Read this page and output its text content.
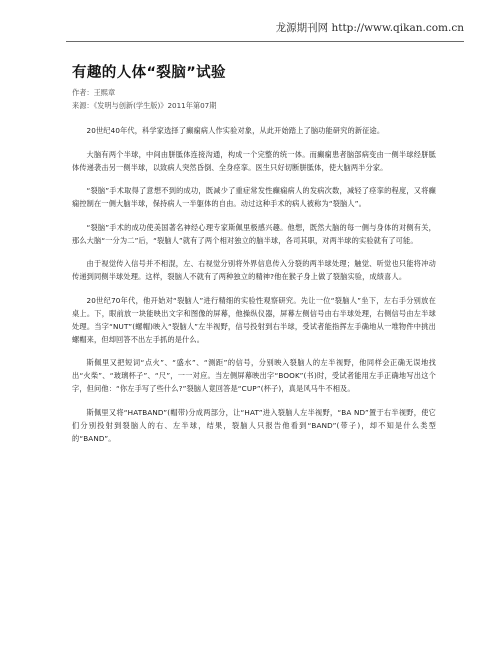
龙源期刊网 http://www.qikan.com.cn
有趣的人体“裂脑”试验
作者：王熙章
来源：《发明与创新(学生版)》2011年第07期

20世纪40年代，科学家选择了癫痫病人作实验对象，从此开始踏上了脑功能研究的新征途。

大脑有两个半球，中间由胼胝体连接沟通，构成一个完整的统一体。而癫痫患者脑部病变由一侧半球经胼胝体传递袭击另一侧半球，以致病人突然昏倒、全身痉挛。医生只好切断胼胝体，使大脑两半分家。

“裂脑”手术取得了意想不到的成功，既减少了重症常发性癫痫病人的发病次数，减轻了痉挛的程度，又将癫痫控制在一侧大脑半球，保持病人一半躯体的自由。动过这种手术的病人被称为“裂脑人”。

“裂脑”手术的成功使美国著名神经心理专家斯佩里极感兴趣。他想，既然大脑的每一侧与身体的对侧有关，那么大脑“一分为二”后，“裂脑人”就有了两个相对独立的脑半球，各司其职，对两半球的实验就有了可能。

由于视觉传入信号并不相混，左、右视觉分别将外界信息传入分裂的两半球处理；触觉、听觉也只能将冲动传递到同侧半球处理。这样，裂脑人不就有了两种独立的精神?他在猴子身上做了裂脑实验，成绩喜人。

20世纪70年代，他开始对“裂脑人”进行精细的实验性观察研究。先让一位“裂脑人”坐下，左右手分别放在桌上。下，眼前放一块能映出文字和图像的屏幕，他操纵仪器，屏幕左侧信号由右半球处理，右侧信号由左半球处理。当字“NUT”(螺帽)映入“裂脑人”左半视野，信号投射到右半球，受试者能指挥左手确地从一堆物件中挑出螺帽来，但却回答不出左手抓的是什么。

斯佩里又把短词“点火”、“盛水”、“测距”的信号，分别映入裂脑人的左半视野，他同样会正确无误地找出“火柴”、“玻璃杯子”、“尺”，一一对应。当左侧屏幕映出字“BOOK”(书)时，受试者能用左手正确地写出这个字，但问他：“你左手写了些什么?”裂脑人竟回答是“CUP”(杯子)，真是风马牛不相及。

斯佩里又将“HATBAND”(帽带)分成两部分，让“HAT”进入裂脑人左半视野，“BA ND”置于右半视野，使它们分别投射到裂脑人的右、左半球，结果，裂脑人只报告他看到“BAND”(带子)，却不知是什么类型的“BAND”。
